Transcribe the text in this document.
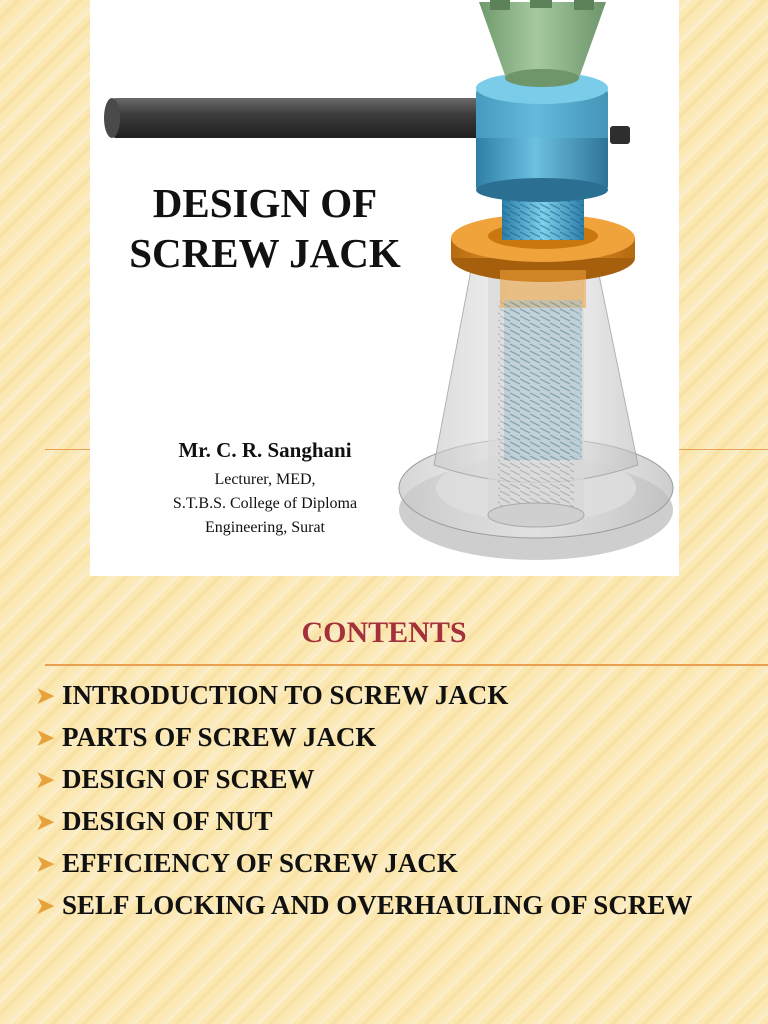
DESIGN OF
SCREW JACK
Mr. C. R. Sanghani
Lecturer, MED,
S.T.B.S. College of Diploma
Engineering, Surat
CONTENTS
➤ INTRODUCTION TO SCREW JACK
➤ PARTS OF SCREW JACK
➤ DESIGN OF SCREW
➤ DESIGN OF NUT
➤ EFFICIENCY OF SCREW JACK
➤ SELF LOCKING AND OVERHAULING OF SCREW
